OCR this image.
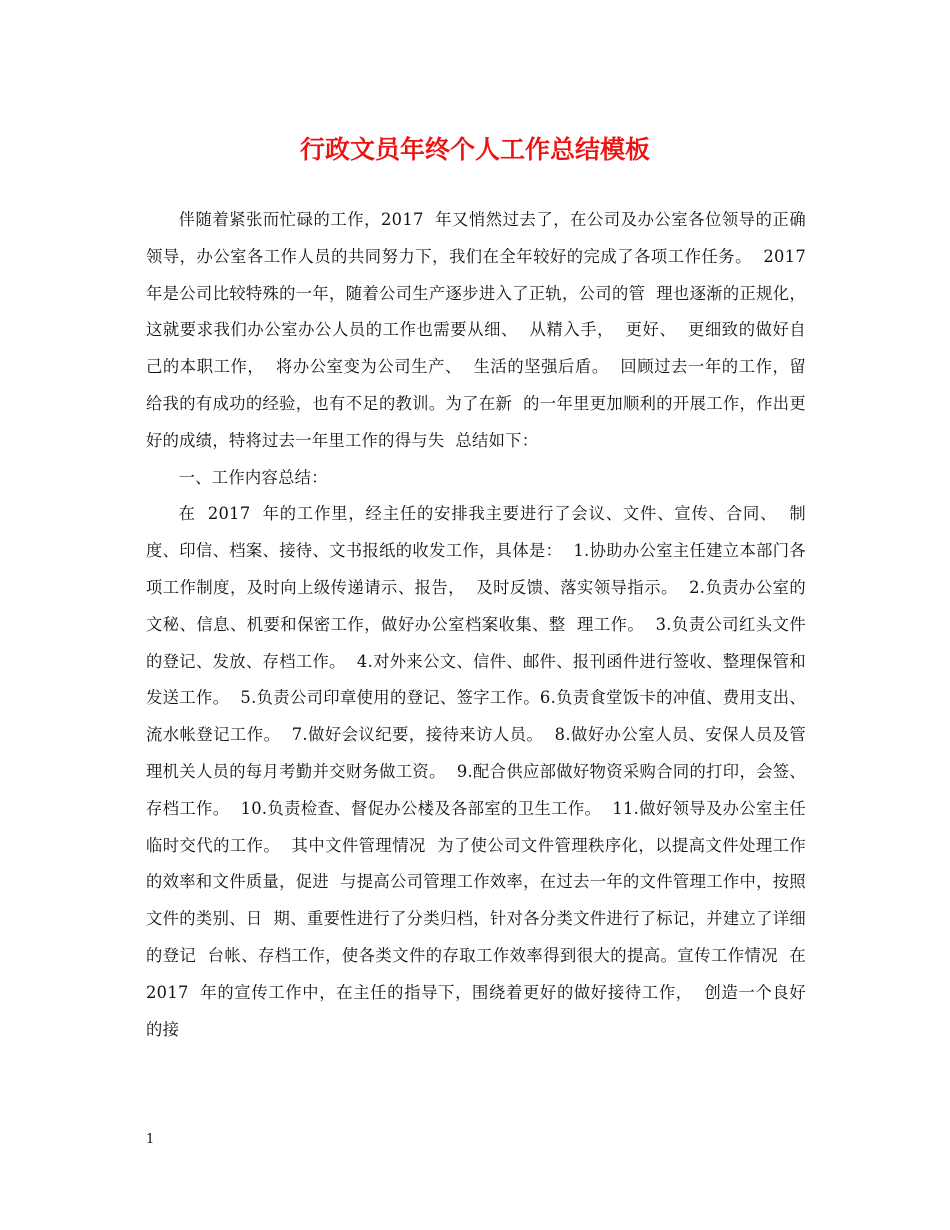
行政文员年终个人工作总结模板

伴随着紧张而忙碌的工作，2017  年又悄然过去了，在公司及办公室各位领导的正确领导，办公室各工作人员的共同努力下，我们在全年较好的完成了各项工作任务。  2017  年是公司比较特殊的一年，随着公司生产逐步进入了正轨，公司的管  理也逐渐的正规化，  这就要求我们办公室办公人员的工作也需要从细、  从精入手，  更好、  更细致的做好自己的本职工作，  将办公室变为公司生产、  生活的坚强后盾。  回顾过去一年的工作，留给我的有成功的经验，也有不足的教训。为了在新  的一年里更加顺利的开展工作，作出更好的成绩，特将过去一年里工作的得与失  总结如下：

一、工作内容总结：

在  2017  年的工作里，经主任的安排我主要进行了会议、文件、宣传、合同、  制度、印信、档案、接待、文书报纸的收发工作，具体是：  1.协助办公室主任建立本部门各项工作制度，及时向上级传递请示、报告，  及时反馈、落实领导指示。  2.负责办公室的文秘、信息、机要和保密工作，做好办公室档案收集、整  理工作。  3.负责公司红头文件的登记、发放、存档工作。  4.对外来公文、信件、邮件、报刊函件进行签收、整理保管和发送工作。  5.负责公司印章使用的登记、签字工作。6.负责食堂饭卡的冲值、费用支出、流水帐登记工作。  7.做好会议纪要，接待来访人员。  8.做好办公室人员、安保人员及管理机关人员的每月考勤并交财务做工资。  9.配合供应部做好物资采购合同的打印，会签、存档工作。  10.负责检查、督促办公楼及各部室的卫生工作。  11.做好领导及办公室主任临时交代的工作。  其中文件管理情况  为了使公司文件管理秩序化，以提高文件处理工作的效率和文件质量，促进  与提高公司管理工作效率，在过去一年的文件管理工作中，按照文件的类别、日  期、重要性进行了分类归档，针对各分类文件进行了标记，并建立了详细的登记  台帐、存档工作，使各类文件的存取工作效率得到很大的提高。宣传工作情况  在  2017  年的宣传工作中，在主任的指导下，围绕着更好的做好接待工作，  创造一个良好的接

1
